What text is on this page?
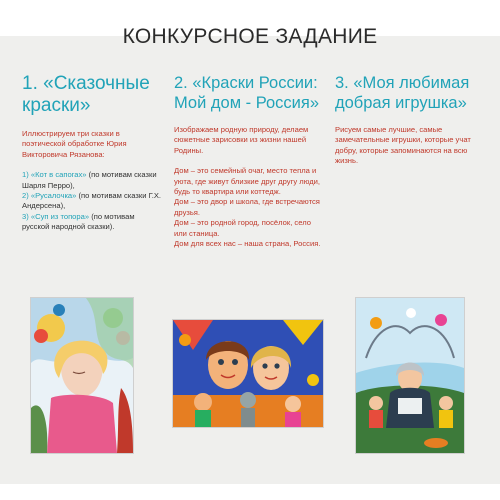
КОНКУРСНОЕ ЗАДАНИЕ
1. «Сказочные краски»

Иллюстрируем три сказки в поэтической обработке Юрия Викторовича Рязанова:

1) «Кот в сапогах» (по мотивам сказки Шарля Перро),

2) «Русалочка» (по мотивам сказки Г.Х. Андерсена),

3) «Суп из топора» (по мотивам русской народной сказки).

2. «Краски России: Мой дом - Россия»

Изображаем родную природу, делаем сюжетные зарисовки из жизни нашей Родины.

Дом – это семейный очаг, место тепла и уюта, где живут близкие друг другу люди, будь то квартира или коттедж.

Дом – это двор и школа, где встречаются друзья.

Дом – это родной город, посёлок, село или станица.

Дом для всех нас – наша страна, Россия.

3. «Моя любимая добрая игрушка»

Рисуем самые лучшие, самые замечательные игрушки, которые учат добру, которые запоминаются на всю жизнь.
